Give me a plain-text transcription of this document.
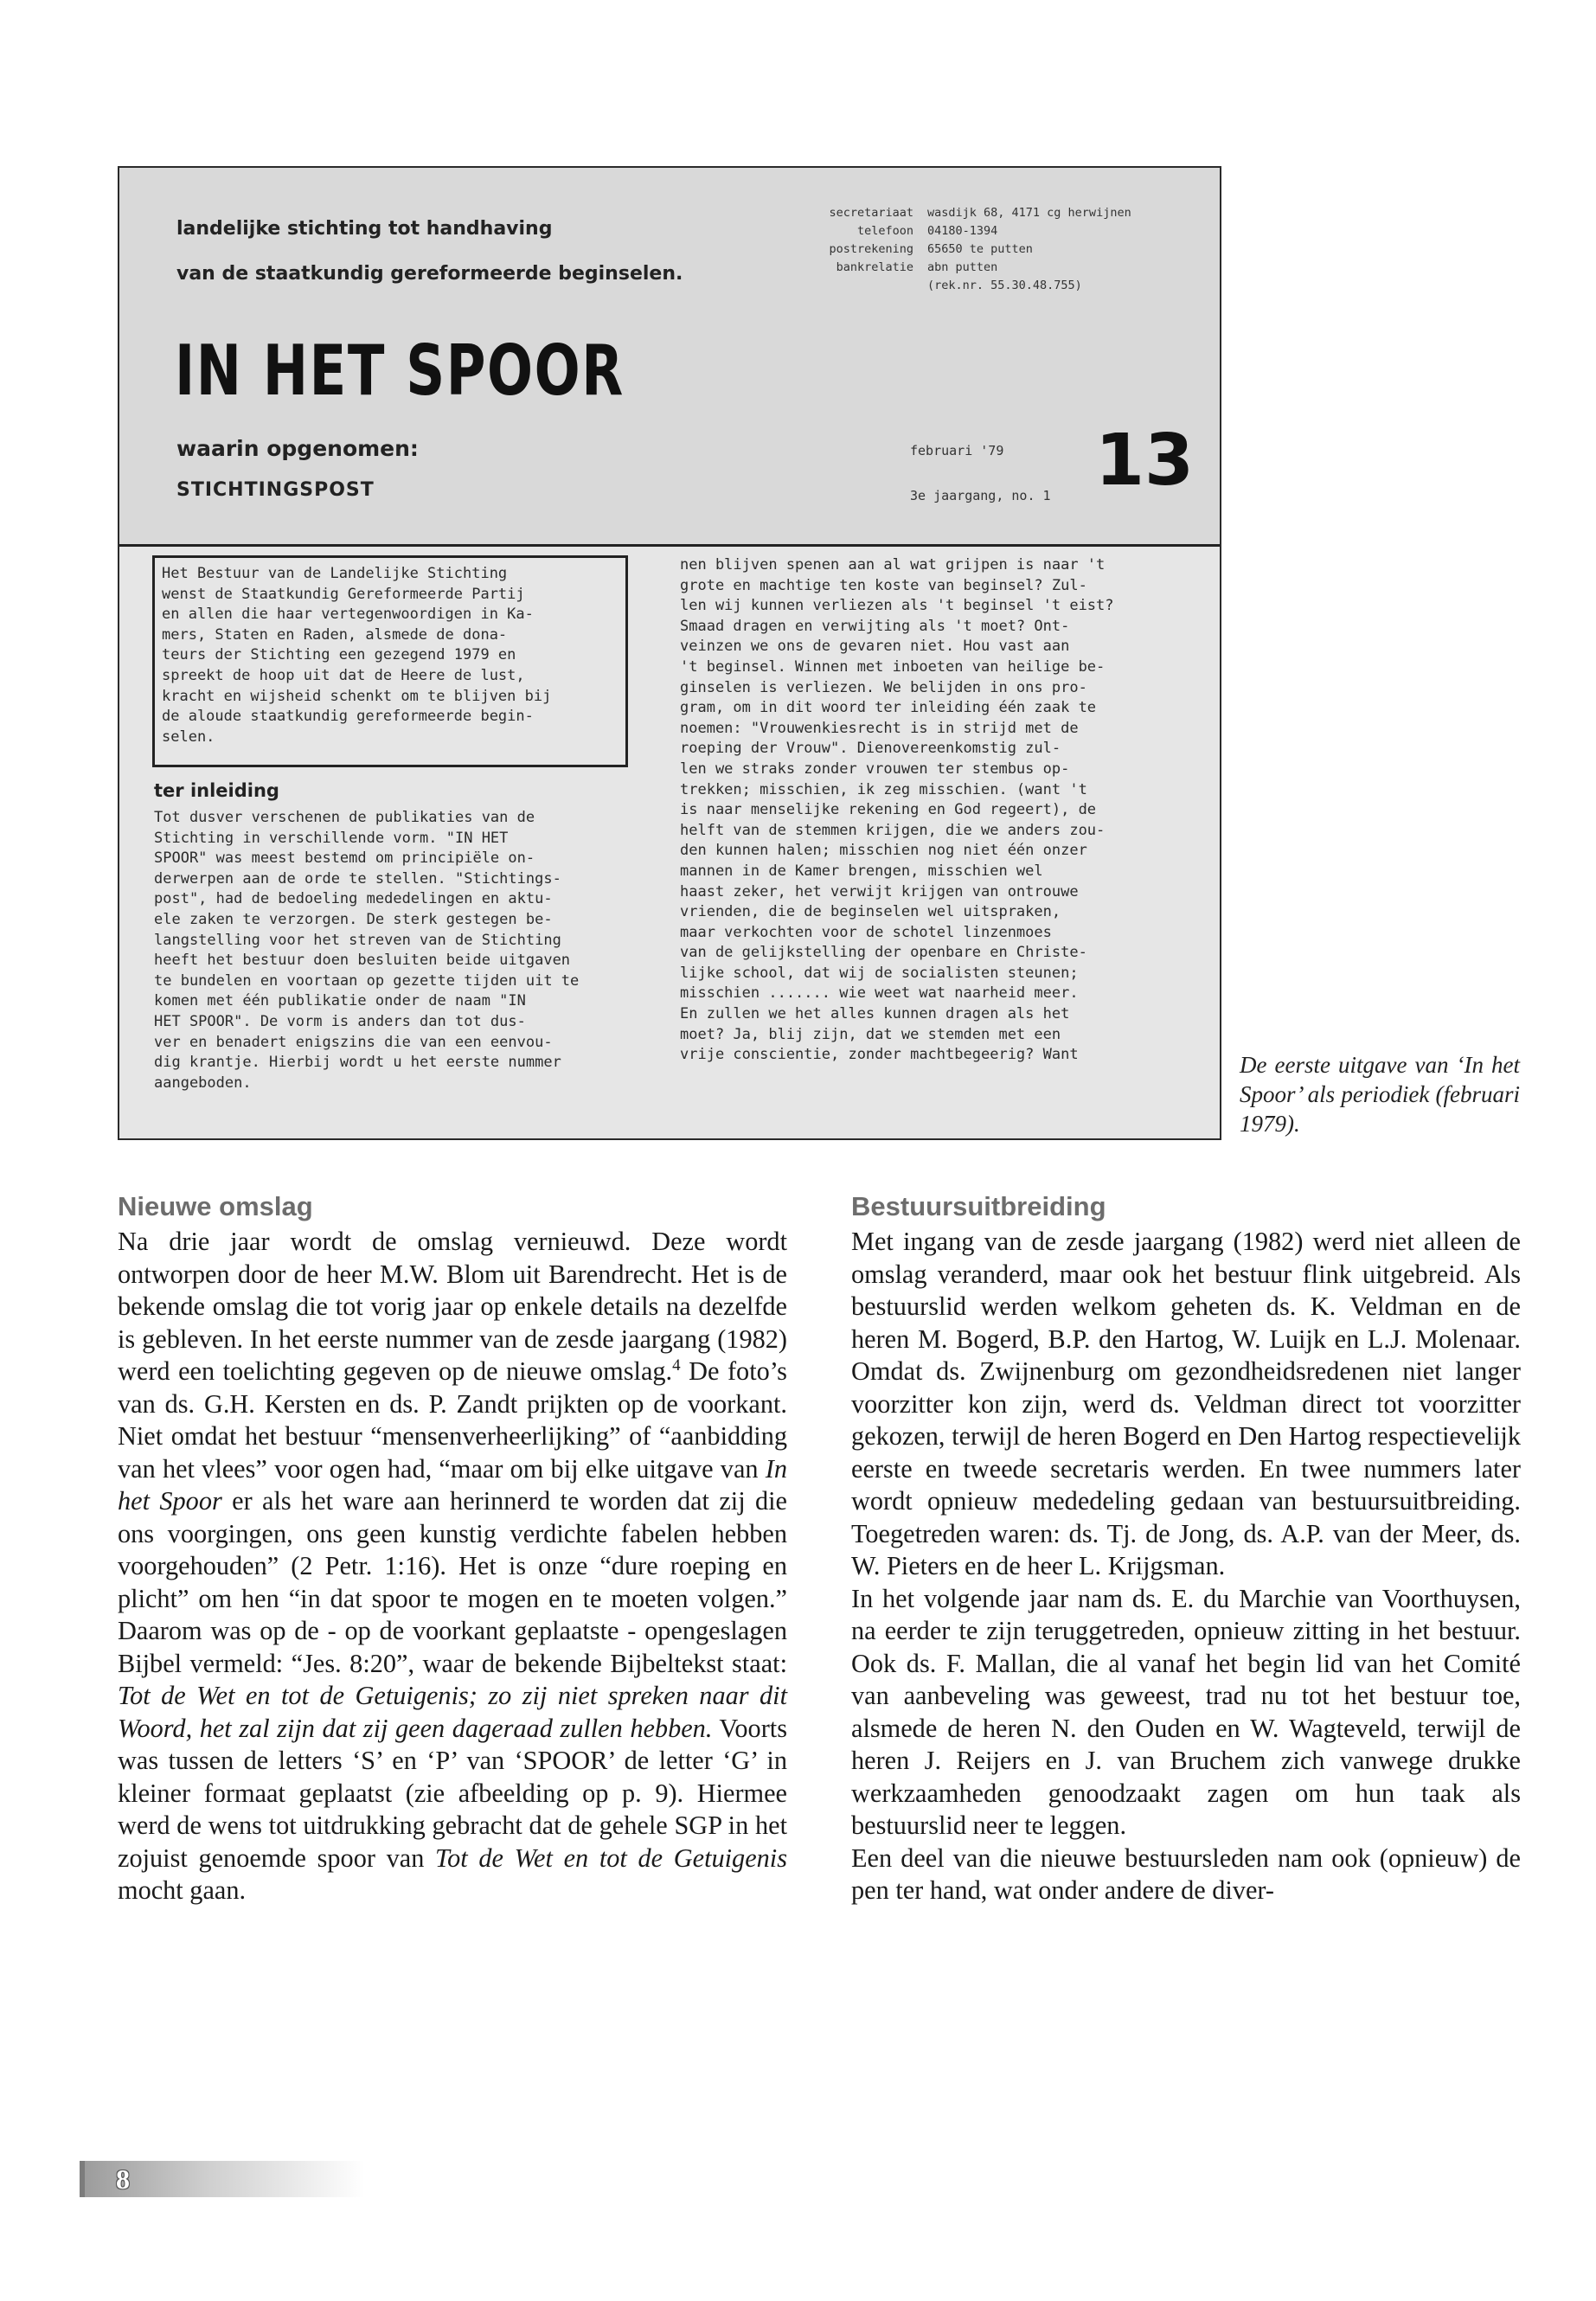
landelijke stichting tot handhaving
van de staatkundig gereformeerde beginselen.
secretariaat wasdijk 68, 4171 cg herwijnen
telefoon 04180-1394
postrekening 65650 te putten
bankrelatie abn putten
(rek.nr. 55.30.48.755)
IN HET SPOOR
waarin opgenomen:
STICHTINGSPOST
februari '79
3e jaargang, no. 1 13
Het Bestuur van de Landelijke Stichting
wenst de Staatkundig Gereformeerde Partij
en allen die haar vertegenwoordigen in Ka-
mers, Staten en Raden, alsmede de dona-
teurs der Stichting een gezegend 1979 en
spreekt de hoop uit dat de Heere de lust,
kracht en wijsheid schenkt om te blijven bij
de aloude staatkundig gereformeerde begin-
selen.
ter inleiding
Tot dusver verschenen de publikaties van de
Stichting in verschillende vorm. "IN HET
SPOOR" was meest bestemd om principiële on-
derwerpen aan de orde te stellen. "Stichtings-
post", had de bedoeling mededelingen en aktu-
ele zaken te verzorgen. De sterk gestegen be-
langstelling voor het streven van de Stichting
heeft het bestuur doen besluiten beide uitgaven
te bundelen en voortaan op gezette tijden uit te
komen met één publikatie onder de naam "IN
HET SPOOR". De vorm is anders dan tot dus-
ver en benadert enigszins die van een eenvou-
dig krantje. Hierbij wordt u het eerste nummer
aangeboden.
nen blijven spenen aan al wat grijpen is naar 't
grote en machtige ten koste van beginsel? Zul-
len wij kunnen verliezen als 't beginsel 't eist?
Smaad dragen en verwijting als 't moet? Ont-
veinzen we ons de gevaren niet. Hou vast aan
't beginsel. Winnen met inboeten van heilige be-
ginselen is verliezen. We belijden in ons pro-
gram, om in dit woord ter inleiding één zaak te
noemen: "Vrouwenkiesrecht is in strijd met de
roeping der Vrouw". Dienovereenkomstig zul-
len we straks zonder vrouwen ter stembus op-
trekken; misschien, ik zeg misschien. (want 't
is naar menselijke rekening en God regeert), de
helft van de stemmen krijgen, die we anders zou-
den kunnen halen; misschien nog niet één onzer
mannen in de Kamer brengen, misschien wel
haast zeker, het verwijt krijgen van ontrouwe
vrienden, die de beginselen wel uitspraken,
maar verkochten voor de schotel linzenmoes
van de gelijkstelling der openbare en Christe-
lijke school, dat wij de socialisten steunen;
misschien ....... wie weet wat naarheid meer.
En zullen we het alles kunnen dragen als het
moet? Ja, blij zijn, dat we stemden met een
vrije conscientie, zonder machtbegeerig? Want	De eerste uitgave van ‘In het Spoor’ als periodiek (februari 1979).
Nieuwe omslag

Na drie jaar wordt de omslag vernieuwd. Deze wordt ontworpen door de heer M.W. Blom uit Barendrecht. Het is de bekende omslag die tot vorig jaar op enkele details na dezelfde is gebleven. In het eerste nummer van de zesde jaargang (1982) werd een toelichting gegeven op de nieuwe omslag.$^4$ De foto’s van ds. G.H. Kersten en ds. P. Zandt prijkten op de voorkant. Niet omdat het bestuur “mensenverheerlijking” of “aanbidding van het vlees” voor ogen had, “maar om bij elke uitgave van In het Spoor er als het ware aan herinnerd te worden dat zij die ons voorgingen, ons geen kunstig verdichte fabelen hebben voorgehouden” (2 Petr. 1:16). Het is onze “dure roeping en plicht” om hen “in dat spoor te mogen en te moeten volgen.” Daarom was op de - op de voorkant geplaatste - opengeslagen Bijbel vermeld: “Jes. 8:20”, waar de bekende Bijbeltekst staat: Tot de Wet en tot de Getuigenis; zo zij niet spreken naar dit Woord, het zal zijn dat zij geen dageraad zullen hebben. Voorts was tussen de letters ‘S’ en ‘P’ van ‘SPOOR’ de letter ‘G’ in kleiner formaat geplaatst (zie afbeelding op p. 9). Hiermee werd de wens tot uitdrukking gebracht dat de gehele SGP in het zojuist genoemde spoor van Tot de Wet en tot de Getuigenis mocht gaan.

Bestuursuitbreiding

Met ingang van de zesde jaargang (1982) werd niet alleen de omslag veranderd, maar ook het bestuur flink uitgebreid. Als bestuurslid werden welkom geheten ds. K. Veldman en de heren M. Bogerd, B.P. den Hartog, W. Luijk en L.J. Molenaar. Omdat ds. Zwijnenburg om gezondheidsredenen niet langer voorzitter kon zijn, werd ds. Veldman direct tot voorzitter gekozen, terwijl de heren Bogerd en Den Hartog respectievelijk eerste en tweede secretaris werden. En twee nummers later wordt opnieuw mededeling gedaan van bestuursuitbreiding. Toegetreden waren: ds. Tj. de Jong, ds. A.P. van der Meer, ds. W. Pieters en de heer L. Krijgsman.

In het volgende jaar nam ds. E. du Marchie van Voorthuysen, na eerder te zijn teruggetreden, opnieuw zitting in het bestuur. Ook ds. F. Mallan, die al vanaf het begin lid van het Comité van aanbeveling was geweest, trad nu tot het bestuur toe, alsmede de heren N. den Ouden en W. Wagteveld, terwijl de heren J. Reijers en J. van Bruchem zich vanwege drukke werkzaamheden genoodzaakt zagen om hun taak als bestuurslid neer te leggen.

Een deel van die nieuwe bestuursleden nam ook (opnieuw) de pen ter hand, wat onder andere de diver-

8
